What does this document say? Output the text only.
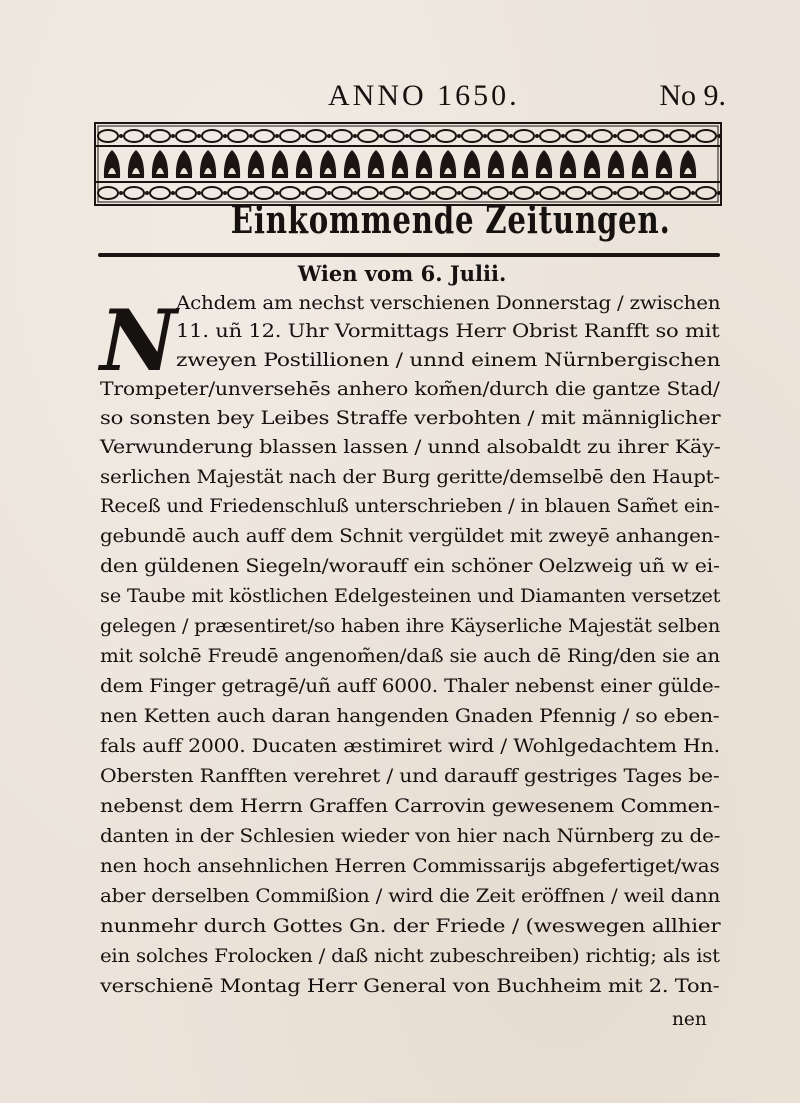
ANNO 1650.	No 9.
Einkommende Zeitungen.
Wien vom 6. Julii.
N Achdem am nechst verschienen Donnerstag / zwischen
11. uñ 12. Uhr Vormittags Herr Obrist Ranfft so mit
zweyen Postillionen / unnd einem Nürnbergischen
Trompeter/unversehēs anhero kom̃en/durch die gantze Stad/
so sonsten bey Leibes Straffe verbohten / mit männiglicher
Verwunderung blassen lassen / unnd alsobaldt zu ihrer Käy-
serlichen Majestät nach der Burg geritte/demselbē den Haupt-
Receß und Friedenschluß unterschrieben / in blauen Sam̃et ein-
gebundē auch auff dem Schnit vergüldet mit zweyē anhangen-
den güldenen Siegeln/worauff ein schöner Oelzweig uñ w ei-
se Taube mit köstlichen Edelgesteinen und Diamanten versetzet
gelegen / præsentiret/so haben ihre Käyserliche Majestät selben
mit solchē Freudē angenom̃en/daß sie auch dē Ring/den sie an
dem Finger getragē/uñ auff 6000. Thaler nebenst einer gülde-
nen Ketten auch daran hangenden Gnaden Pfennig / so eben-
fals auff 2000. Ducaten æstimiret wird / Wohlgedachtem Hn.
Obersten Ranfften verehret / und darauff gestriges Tages be-
nebenst dem Herrn Graffen Carrovin gewesenem Commen-
danten in der Schlesien wieder von hier nach Nürnberg zu de-
nen hoch ansehnlichen Herren Commissarijs abgefertiget/was
aber derselben Commißion / wird die Zeit eröffnen / weil dann
nunmehr durch Gottes Gn. der Friede / (weswegen allhier
ein solches Frolocken / daß nicht zubeschreiben) richtig; als ist
verschienē Montag Herr General von Buchheim mit 2. Ton-
nen
